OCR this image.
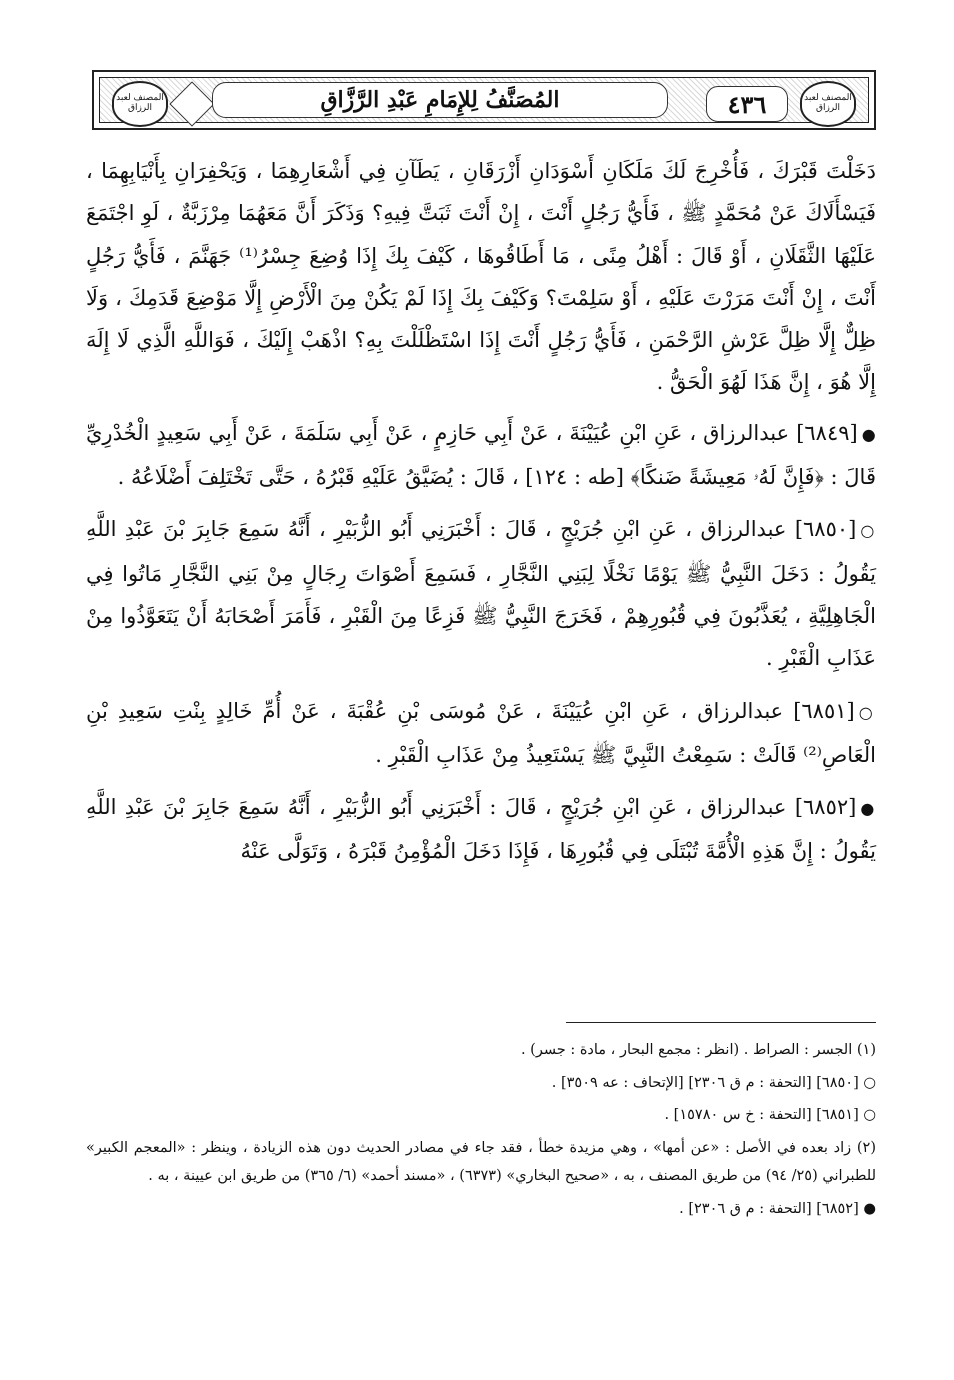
المصنف لعبد الرزاق	المُصَنَّفُ لِلإِمَامِ عَبْدِ الرَّزَّاقِ	٤٣٦	المصنف لعبد الرزاق

دَخَلْتَ قَبْرَكَ ، فَأُخْرِجَ لَكَ مَلَكَانِ أَسْوَدَانِ أَزْرَقَانِ ، يَطَآنِ فِي أَشْعَارِهِمَا ، وَيَحْفِرَانِ بِأَنْيَابِهِمَا ، فَيَسْأَلَاكَ عَنْ مُحَمَّدٍ ﷺ ، فَأَيُّ رَجُلٍ أَنْتَ ، إِنْ أَنْتَ ثَبَتَّ فِيهِ؟ وَذَكَرَ أَنَّ مَعَهُمَا مِرْزَبَّةٌ ، لَوِ اجْتَمَعَ عَلَيْهَا الثَّقَلَانِ ، أَوْ قَالَ : أَهْلُ مِنًى ، مَا أَطَاقُوهَا ، كَيْفَ بِكَ إِذَا وُضِعَ جِسْرُ⁽¹⁾ جَهَنَّمَ ، فَأَيُّ رَجُلٍ أَنْتَ ، إِنْ أَنْتَ مَرَرْتَ عَلَيْهِ ، أَوْ سَلِمْتَ؟ وَكَيْفَ بِكَ إِذَا لَمْ يَكُنْ مِنَ الْأَرْضِ إِلَّا مَوْضِعَ قَدَمِكَ ، وَلَا ظِلٌّ إِلَّا ظِلَّ عَرْشِ الرَّحْمَنِ ، فَأَيُّ رَجُلٍ أَنْتَ إِذَا اسْتَظْلَلْتَ بِهِ؟ اذْهَبْ إِلَيْكَ ، فَوَاللَّهِ الَّذِي لَا إِلَهَ إِلَّا هُوَ ، إِنَّ هَذَا لَهُوَ الْحَقُّ .

●[٦٨٤٩] عبدالرزاق ، عَنِ ابْنِ عُيَيْنَةَ ، عَنْ أَبِي حَازِمٍ ، عَنْ أَبِي سَلَمَةَ ، عَنْ أَبِي سَعِيدٍ الْخُدْرِيِّ قَالَ : ﴿فَإِنَّ لَهُۥ مَعِيشَةً ضَنكًا﴾ [طه : ١٢٤] ، قَالَ : يُضَيَّقُ عَلَيْهِ قَبْرُهُ ، حَتَّى تَخْتَلِفَ أَضْلَاعُهُ .

○[٦٨٥٠] عبدالرزاق ، عَنِ ابْنِ جُرَيْجٍ ، قَالَ : أَخْبَرَنِي أَبُو الزُّبَيْرِ ، أَنَّهُ سَمِعَ جَابِرَ بْنَ عَبْدِ اللَّهِ يَقُولُ : دَخَلَ النَّبِيُّ ﷺ يَوْمًا نَخْلًا لِبَنِي النَّجَّارِ ، فَسَمِعَ أَصْوَاتَ رِجَالٍ مِنْ بَنِي النَّجَّارِ مَاتُوا فِي الْجَاهِلِيَّةِ ، يُعَذَّبُونَ فِي قُبُورِهِمْ ، فَخَرَجَ النَّبِيُّ ﷺ فَزِعًا مِنَ الْقَبْرِ ، فَأَمَرَ أَصْحَابَهُ أَنْ يَتَعَوَّذُوا مِنْ عَذَابِ الْقَبْرِ .

○[٦٨٥١] عبدالرزاق ، عَنِ ابْنِ عُيَيْنَةَ ، عَنْ مُوسَى بْنِ عُقْبَةَ ، عَنْ أُمِّ خَالِدٍ بِنْتِ سَعِيدِ بْنِ الْعَاصِ⁽²⁾ قَالَتْ : سَمِعْتُ النَّبِيَّ ﷺ يَسْتَعِيذُ مِنْ عَذَابِ الْقَبْرِ .

●[٦٨٥٢] عبدالرزاق ، عَنِ ابْنِ جُرَيْجٍ ، قَالَ : أَخْبَرَنِي أَبُو الزُّبَيْرِ ، أَنَّهُ سَمِعَ جَابِرَ بْنَ عَبْدِ اللَّهِ يَقُولُ : إِنَّ هَذِهِ الْأُمَّةَ تُبْتَلَى فِي قُبُورِهَا ، فَإِذَا دَخَلَ الْمُؤْمِنُ قَبْرَهُ ، وَتَوَلَّى عَنْهُ

(١) الجسر : الصراط . (انظر : مجمع البحار ، مادة : جسر) .

○ [٦٨٥٠] [التحفة : م ق ٢٣٠٦] [الإتحاف : عه ٣٥٠٩] .

○ [٦٨٥١] [التحفة : خ س ١٥٧٨٠] .

(٢) زاد بعده في الأصل : «عن أمها» ، وهي مزيدة خطأ ، فقد جاء في مصادر الحديث دون هذه الزيادة ، وينظر : «المعجم الكبير» للطبراني (٢٥/ ٩٤) من طريق المصنف ، به ، «صحيح البخاري» (٦٣٧٣) ، «مسند أحمد» (٦/ ٣٦٥) من طريق ابن عيينة ، به .

● [٦٨٥٢] [التحفة : م ق ٢٣٠٦] .
